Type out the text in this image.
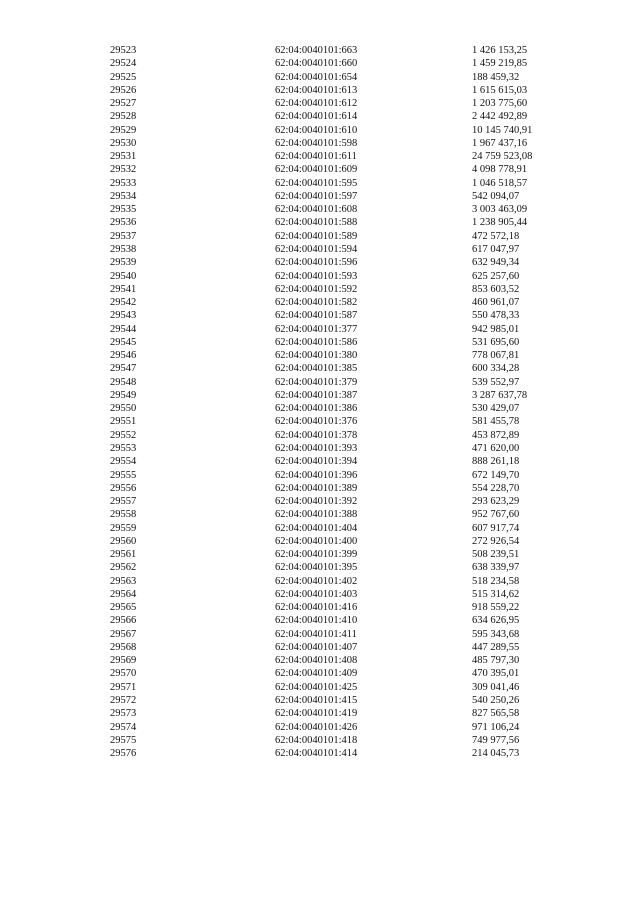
29523	62:04:0040101:663	1 426 153,25
29524	62:04:0040101:660	1 459 219,85
29525	62:04:0040101:654	188 459,32
29526	62:04:0040101:613	1 615 615,03
29527	62:04:0040101:612	1 203 775,60
29528	62:04:0040101:614	2 442 492,89
29529	62:04:0040101:610	10 145 740,91
29530	62:04:0040101:598	1 967 437,16
29531	62:04:0040101:611	24 759 523,08
29532	62:04:0040101:609	4 098 778,91
29533	62:04:0040101:595	1 046 518,57
29534	62:04:0040101:597	542 094,07
29535	62:04:0040101:608	3 003 463,09
29536	62:04:0040101:588	1 238 905,44
29537	62:04:0040101:589	472 572,18
29538	62:04:0040101:594	617 047,97
29539	62:04:0040101:596	632 949,34
29540	62:04:0040101:593	625 257,60
29541	62:04:0040101:592	853 603,52
29542	62:04:0040101:582	460 961,07
29543	62:04:0040101:587	550 478,33
29544	62:04:0040101:377	942 985,01
29545	62:04:0040101:586	531 695,60
29546	62:04:0040101:380	778 067,81
29547	62:04:0040101:385	600 334,28
29548	62:04:0040101:379	539 552,97
29549	62:04:0040101:387	3 287 637,78
29550	62:04:0040101:386	530 429,07
29551	62:04:0040101:376	581 455,78
29552	62:04:0040101:378	453 872,89
29553	62:04:0040101:393	471 620,00
29554	62:04:0040101:394	888 261,18
29555	62:04:0040101:396	672 149,70
29556	62:04:0040101:389	554 228,70
29557	62:04:0040101:392	293 623,29
29558	62:04:0040101:388	952 767,60
29559	62:04:0040101:404	607 917,74
29560	62:04:0040101:400	272 926,54
29561	62:04:0040101:399	508 239,51
29562	62:04:0040101:395	638 339,97
29563	62:04:0040101:402	518 234,58
29564	62:04:0040101:403	515 314,62
29565	62:04:0040101:416	918 559,22
29566	62:04:0040101:410	634 626,95
29567	62:04:0040101:411	595 343,68
29568	62:04:0040101:407	447 289,55
29569	62:04:0040101:408	485 797,30
29570	62:04:0040101:409	470 395,01
29571	62:04:0040101:425	309 041,46
29572	62:04:0040101:415	540 250,26
29573	62:04:0040101:419	827 565,58
29574	62:04:0040101:426	971 106,24
29575	62:04:0040101:418	749 977,56
29576	62:04:0040101:414	214 045,73
